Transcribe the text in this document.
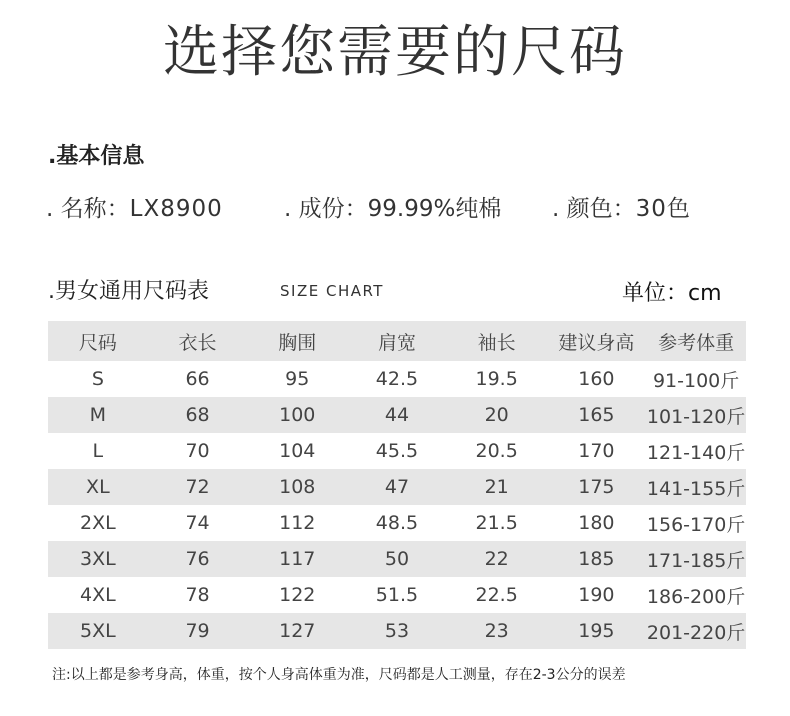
选择您需要的尺码
.基本信息
. 名称：LX8900	. 成份：99.99%纯棉 . 颜色：30色
.男女通用尺码表	SIZE CHART	单位：cm
尺码	衣长	胸围	肩宽	袖长	建议身高	参考体重
S	66	95	42.5	19.5	160	91-100斤
M	68	100	44	20	165	101-120斤
L	70	104	45.5	20.5	170	121-140斤
XL	72	108	47	21	175	141-155斤
2XL	74	112	48.5	21.5	180	156-170斤
3XL	76	117	50	22	185	171-185斤
4XL	78	122	51.5	22.5	190	186-200斤
5XL	79	127	53	23	195	201-220斤
注:以上都是参考身高，体重，按个人身高体重为准，尺码都是人工测量，存在2-3公分的误差
